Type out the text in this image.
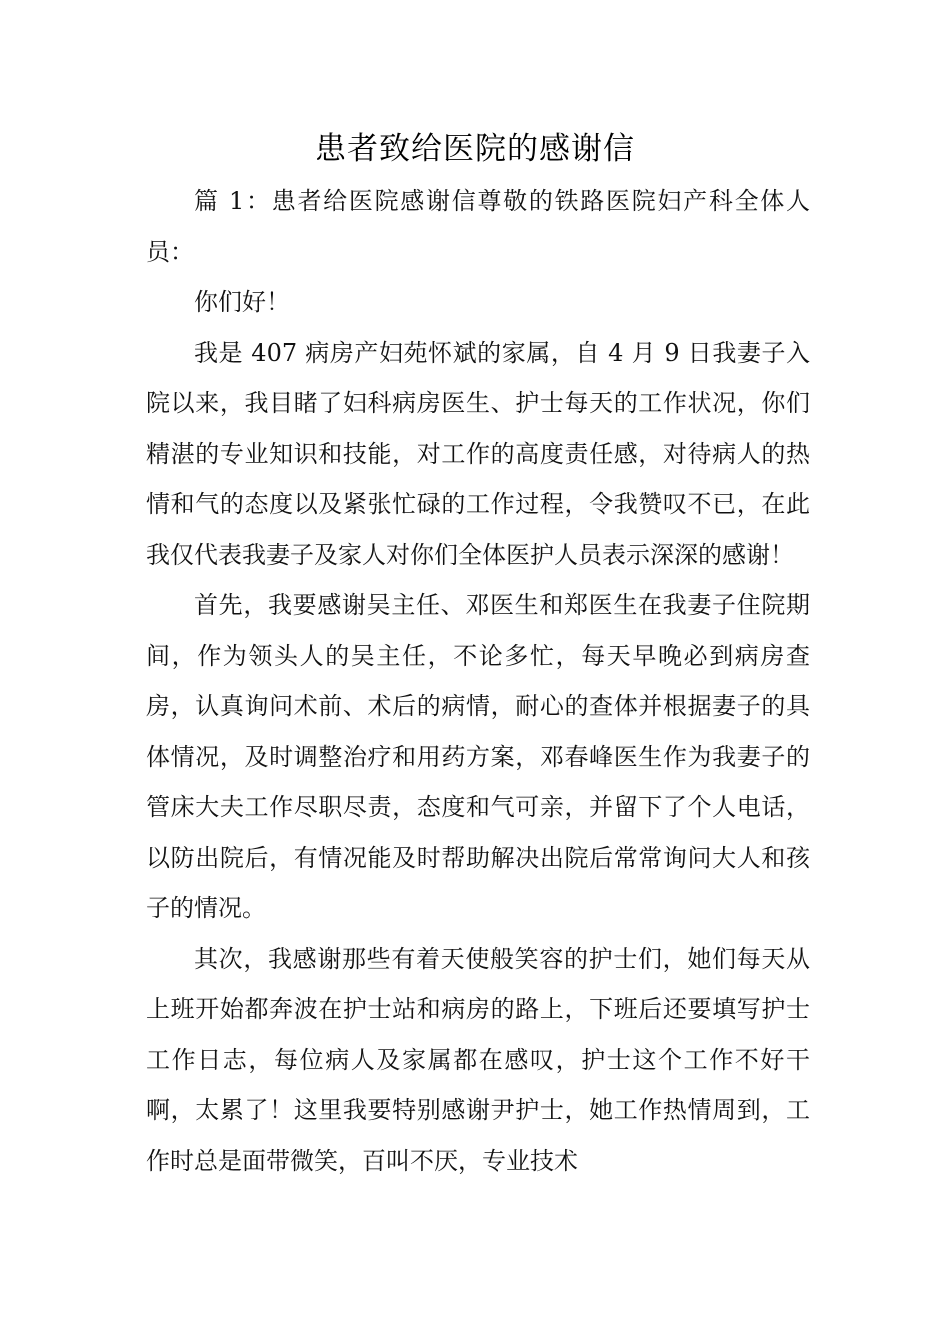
患者致给医院的感谢信

篇 1：患者给医院感谢信尊敬的铁路医院妇产科全体人员：

你们好！

我是 407 病房产妇苑怀斌的家属，自 4 月 9 日我妻子入院以来，我目睹了妇科病房医生、护士每天的工作状况，你们精湛的专业知识和技能，对工作的高度责任感，对待病人的热情和气的态度以及紧张忙碌的工作过程，令我赞叹不已，在此我仅代表我妻子及家人对你们全体医护人员表示深深的感谢！

首先，我要感谢吴主任、邓医生和郑医生在我妻子住院期间，作为领头人的吴主任，不论多忙，每天早晚必到病房查房，认真询问术前、术后的病情，耐心的查体并根据妻子的具体情况，及时调整治疗和用药方案，邓春峰医生作为我妻子的管床大夫工作尽职尽责，态度和气可亲，并留下了个人电话，以防出院后，有情况能及时帮助解决出院后常常询问大人和孩子的情况。

其次，我感谢那些有着天使般笑容的护士们，她们每天从上班开始都奔波在护士站和病房的路上，下班后还要填写护士工作日志，每位病人及家属都在感叹，护士这个工作不好干啊，太累了！这里我要特别感谢尹护士，她工作热情周到，工作时总是面带微笑，百叫不厌，专业技术
